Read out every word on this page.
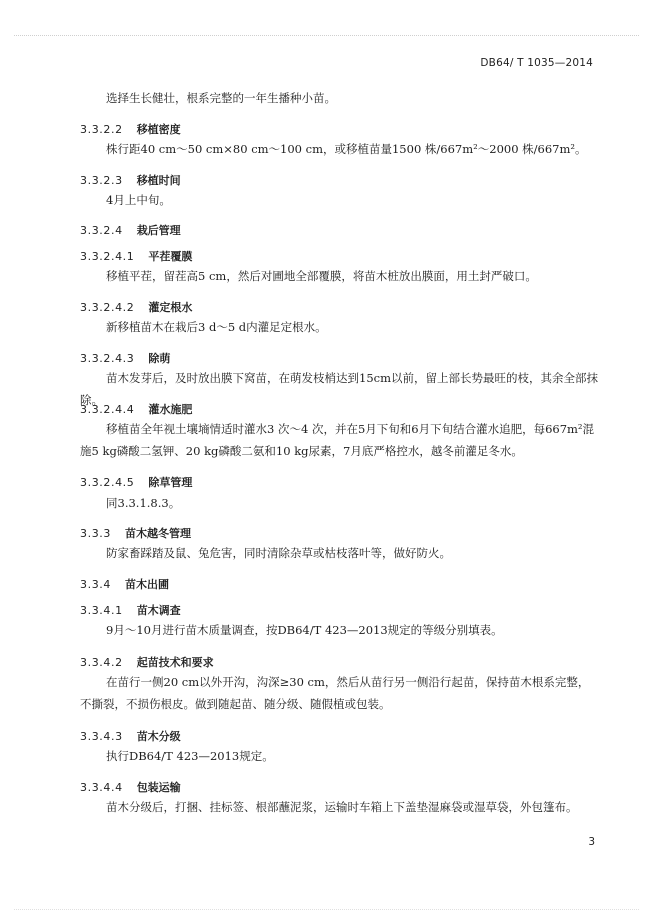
DB64/ T 1035—2014
选择生长健壮，根系完整的一年生播种小苗。
3.3.2.2 移植密度
株行距40 cm～50 cm×80 cm～100 cm，或移植苗量1500 株/667m²～2000 株/667m²。
3.3.2.3 移植时间
4月上中旬。
3.3.2.4 栽后管理
3.3.2.4.1 平茬覆膜
移植平茬，留茬高5 cm，然后对圃地全部覆膜，将苗木桩放出膜面，用土封严破口。
3.3.2.4.2 灌定根水
新移植苗木在栽后3 d～5 d内灌足定根水。
3.3.2.4.3 除萌
苗木发芽后，及时放出膜下窝苗，在萌发枝梢达到15cm以前，留上部长势最旺的枝，其余全部抹除。
3.3.2.4.4 灌水施肥
移植苗全年视土壤墒情适时灌水3 次～4 次，并在5月下旬和6月下旬结合灌水追肥，每667m²混施5 kg磷酸二氢钾、20 kg磷酸二氨和10 kg尿素，7月底严格控水，越冬前灌足冬水。
3.3.2.4.5 除草管理
同3.3.1.8.3。
3.3.3 苗木越冬管理
防家畜踩踏及鼠、兔危害，同时清除杂草或枯枝落叶等，做好防火。
3.3.4 苗木出圃
3.3.4.1 苗木调查
9月～10月进行苗木质量调查，按DB64/T 423—2013规定的等级分别填表。
3.3.4.2 起苗技术和要求
在苗行一侧20 cm以外开沟，沟深≥30 cm，然后从苗行另一侧沿行起苗，保持苗木根系完整，不撕裂，不损伤根皮。做到随起苗、随分级、随假植或包装。
3.3.4.3 苗木分级
执行DB64/T 423—2013规定。
3.3.4.4 包装运输
苗木分级后，打捆、挂标签、根部蘸泥浆，运输时车箱上下盖垫湿麻袋或湿草袋，外包篷布。
3
